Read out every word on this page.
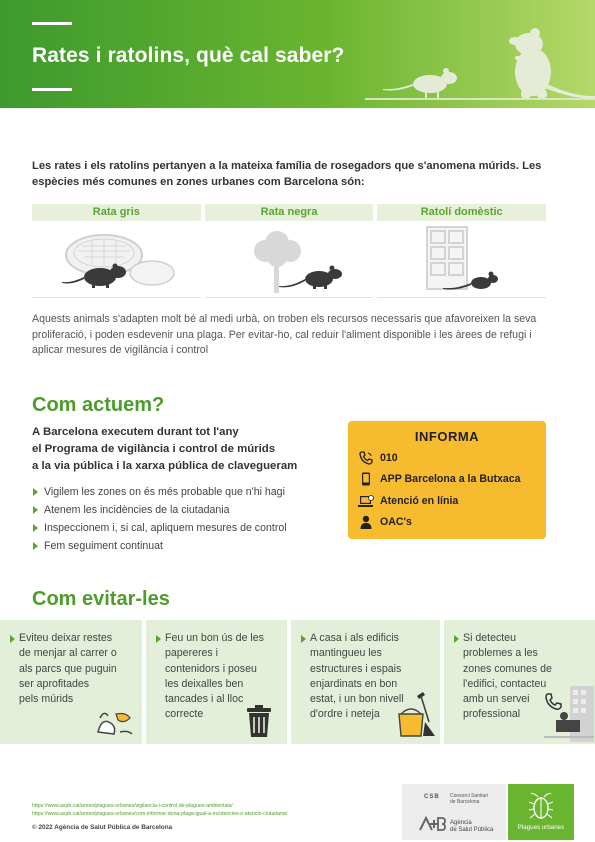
Rates i ratolins, què cal saber?

Les rates i els ratolins pertanyen a la mateixa família de rosegadors que s'anomena múrids. Les espècies més comunes en zones urbanes com Barcelona són:

Rata gris	Rata negra	Ratolí domèstic

Aquests animals s'adapten molt bé al medi urbà, on troben els recursos necessaris que afavoreixen la seva proliferació, i poden esdevenir una plaga. Per evitar-ho, cal reduir l'aliment disponible i les àrees de refugi i aplicar mesures de vigilància i control

Com actuem?
A Barcelona executem durant tot l'any
el Programa de vigilància i control de múrids
a la via pública i la xarxa pública de clavegueram
Vigilem les zones on és més probable que n'hi hagi
Atenem les incidències de la ciutadania
Inspeccionem i, si cal, apliquem mesures de control
Fem seguiment continuat
INFORMA
010
APP Barcelona a la Butxaca
Atenció en línia
OAC's
Com evitar-les
Eviteu deixar restes
de menjar al carrer o
als parcs que puguin
ser aprofitades
pels múrids
Feu un bon ús de les
papereres i
contenidors i poseu
les deixalles ben
tancades i al lloc
correcte
A casa i als edificis
mantingueu les
estructures i espais
enjardinats en bon
estat, i un bon nivell
d'ordre i neteja
Si detecteu
problemes a les
zones comunes de
l'edifici, contacteu
amb un servei
professional
https://www.aspb.cat/arees/plagues-urbanes/vigilancia-i-control-de-plagues-ambientals/
https://www.aspb.cat/arees/plagues-urbanes/com-informar-duna-plaga-igual-a-incidencies-o-atencio-ciutadana/
© 2022 Agència de Salut Pública de Barcelona
CSB Consorci Sanitari
de Barcelona
Agència
de Salut Pública	Plagues urbanes
